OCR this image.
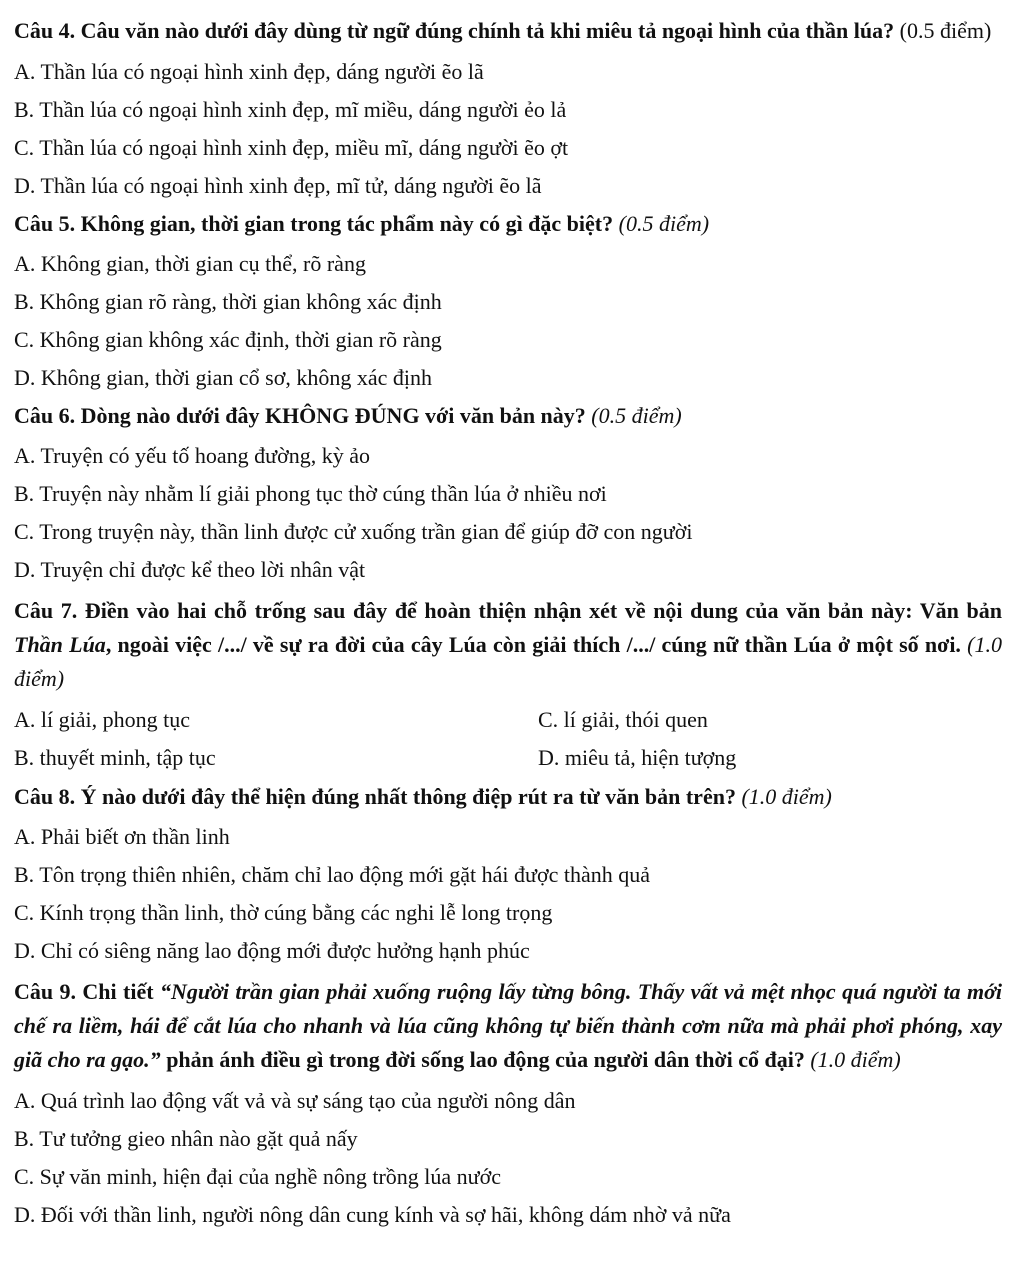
Câu 4. Câu văn nào dưới đây dùng từ ngữ đúng chính tả khi miêu tả ngoại hình của thần lúa? (0.5 điểm)
A. Thần lúa có ngoại hình xinh đẹp, dáng người ẽo lã
B. Thần lúa có ngoại hình xinh đẹp, mĩ miều, dáng người ẻo lả
C. Thần lúa có ngoại hình xinh đẹp, miều mĩ, dáng người ẽo ợt
D. Thần lúa có ngoại hình xinh đẹp, mĩ tử, dáng người ẽo lã
Câu 5. Không gian, thời gian trong tác phẩm này có gì đặc biệt? (0.5 điểm)
A. Không gian, thời gian cụ thể, rõ ràng
B. Không gian rõ ràng, thời gian không xác định
C. Không gian không xác định, thời gian rõ ràng
D. Không gian, thời gian cổ sơ, không xác định
Câu 6. Dòng nào dưới đây KHÔNG ĐÚNG với văn bản này? (0.5 điểm)
A. Truyện có yếu tố hoang đường, kỳ ảo
B. Truyện này nhằm lí giải phong tục thờ cúng thần lúa ở nhiều nơi
C. Trong truyện này, thần linh được cử xuống trần gian để giúp đỡ con người
D. Truyện chỉ được kể theo lời nhân vật
Câu 7. Điền vào hai chỗ trống sau đây để hoàn thiện nhận xét về nội dung của văn bản này: Văn bản Thần Lúa, ngoài việc /.../ về sự ra đời của cây Lúa còn giải thích /.../ cúng nữ thần Lúa ở một số nơi. (1.0 điểm)
A. lí giải, phong tục	C. lí giải, thói quen
B. thuyết minh, tập tục	D. miêu tả, hiện tượng
Câu 8. Ý nào dưới đây thể hiện đúng nhất thông điệp rút ra từ văn bản trên? (1.0 điểm)
A. Phải biết ơn thần linh
B. Tôn trọng thiên nhiên, chăm chỉ lao động mới gặt hái được thành quả
C. Kính trọng thần linh, thờ cúng bằng các nghi lễ long trọng
D. Chỉ có siêng năng lao động mới được hưởng hạnh phúc
Câu 9. Chi tiết “Người trần gian phải xuống ruộng lấy từng bông. Thấy vất vả mệt nhọc quá người ta mới chế ra liềm, hái để cắt lúa cho nhanh và lúa cũng không tự biến thành cơm nữa mà phải phơi phóng, xay giã cho ra gạo.” phản ánh điều gì trong đời sống lao động của người dân thời cổ đại? (1.0 điểm)
A. Quá trình lao động vất vả và sự sáng tạo của người nông dân
B. Tư tưởng gieo nhân nào gặt quả nấy
C. Sự văn minh, hiện đại của nghề nông trồng lúa nước
D. Đối với thần linh, người nông dân cung kính và sợ hãi, không dám nhờ vả nữa
